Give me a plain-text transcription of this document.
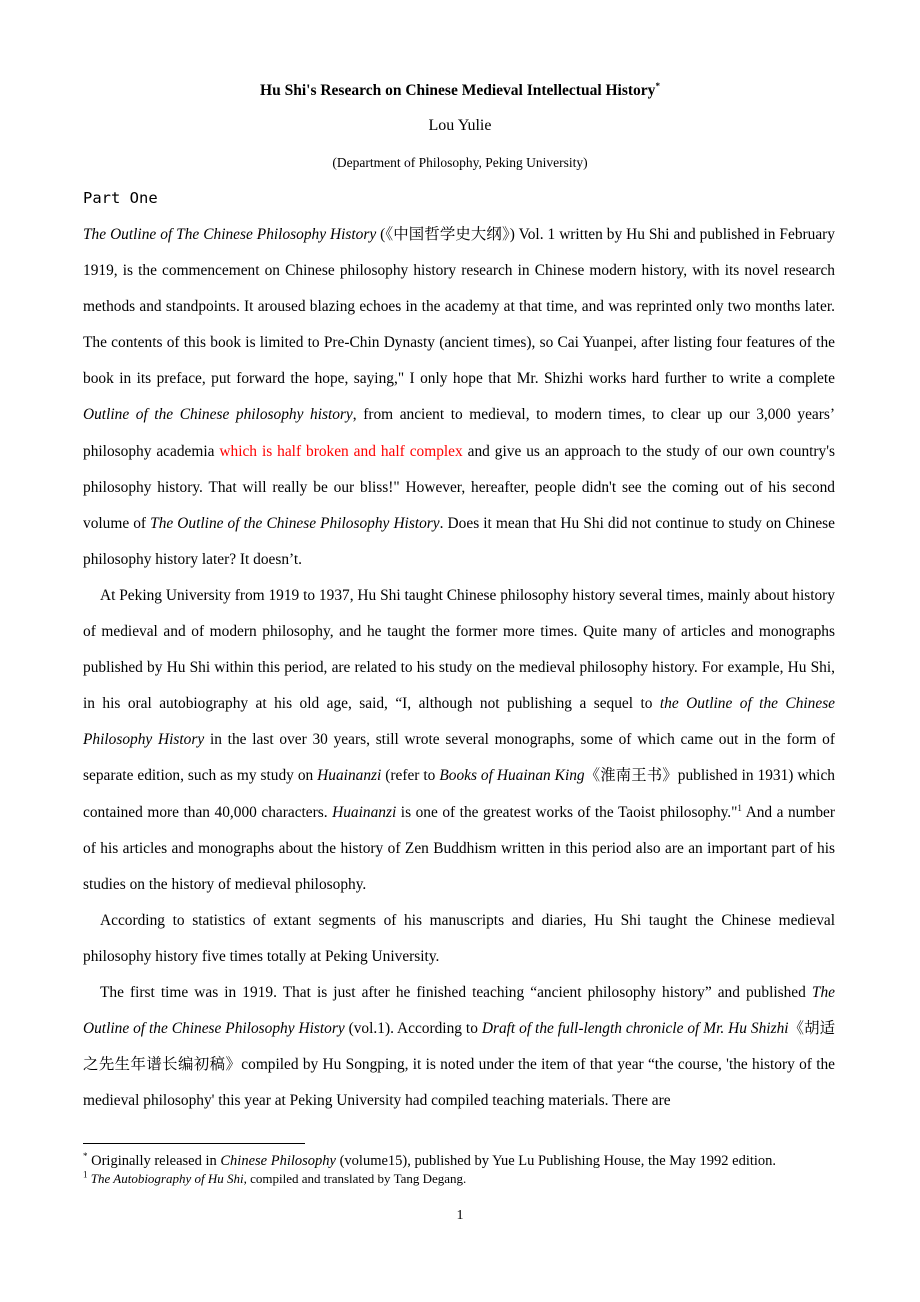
Hu Shi's Research on Chinese Medieval Intellectual History*
Lou Yulie
(Department of Philosophy, Peking University)
Part One

The Outline of The Chinese Philosophy History (《中国哲学史大纲》) Vol. 1 written by Hu Shi and published in February 1919, is the commencement on Chinese philosophy history research in Chinese modern history, with its novel research methods and standpoints. It aroused blazing echoes in the academy at that time, and was reprinted only two months later. The contents of this book is limited to Pre-Chin Dynasty (ancient times), so Cai Yuanpei, after listing four features of the book in its preface, put forward the hope, saying," I only hope that Mr. Shizhi works hard further to write a complete Outline of the Chinese philosophy history, from ancient to medieval, to modern times, to clear up our 3,000 years’ philosophy academia which is half broken and half complex and give us an approach to the study of our own country's philosophy history. That will really be our bliss!" However, hereafter, people didn't see the coming out of his second volume of The Outline of the Chinese Philosophy History. Does it mean that Hu Shi did not continue to study on Chinese philosophy history later? It doesn’t.

At Peking University from 1919 to 1937, Hu Shi taught Chinese philosophy history several times, mainly about history of medieval and of modern philosophy, and he taught the former more times. Quite many of articles and monographs published by Hu Shi within this period, are related to his study on the medieval philosophy history. For example, Hu Shi, in his oral autobiography at his old age, said, “I, although not publishing a sequel to the Outline of the Chinese Philosophy History in the last over 30 years, still wrote several monographs, some of which came out in the form of separate edition, such as my study on Huainanzi (refer to Books of Huainan King《淮南王书》published in 1931) which contained more than 40,000 characters. Huainanzi is one of the greatest works of the Taoist philosophy."$^1$ And a number of his articles and monographs about the history of Zen Buddhism written in this period also are an important part of his studies on the history of medieval philosophy.

According to statistics of extant segments of his manuscripts and diaries, Hu Shi taught the Chinese medieval philosophy history five times totally at Peking University.

The first time was in 1919. That is just after he finished teaching “ancient philosophy history” and published The Outline of the Chinese Philosophy History (vol.1). According to Draft of the full-length chronicle of Mr. Hu Shizhi《胡适之先生年谱长编初稿》compiled by Hu Songping, it is noted under the item of that year “the course, 'the history of the medieval philosophy' this year at Peking University had compiled teaching materials. There are

* Originally released in Chinese Philosophy (volume15), published by Yue Lu Publishing House, the May 1992 edition.
$^1$ The Autobiography of Hu Shi, compiled and translated by Tang Degang.
1
